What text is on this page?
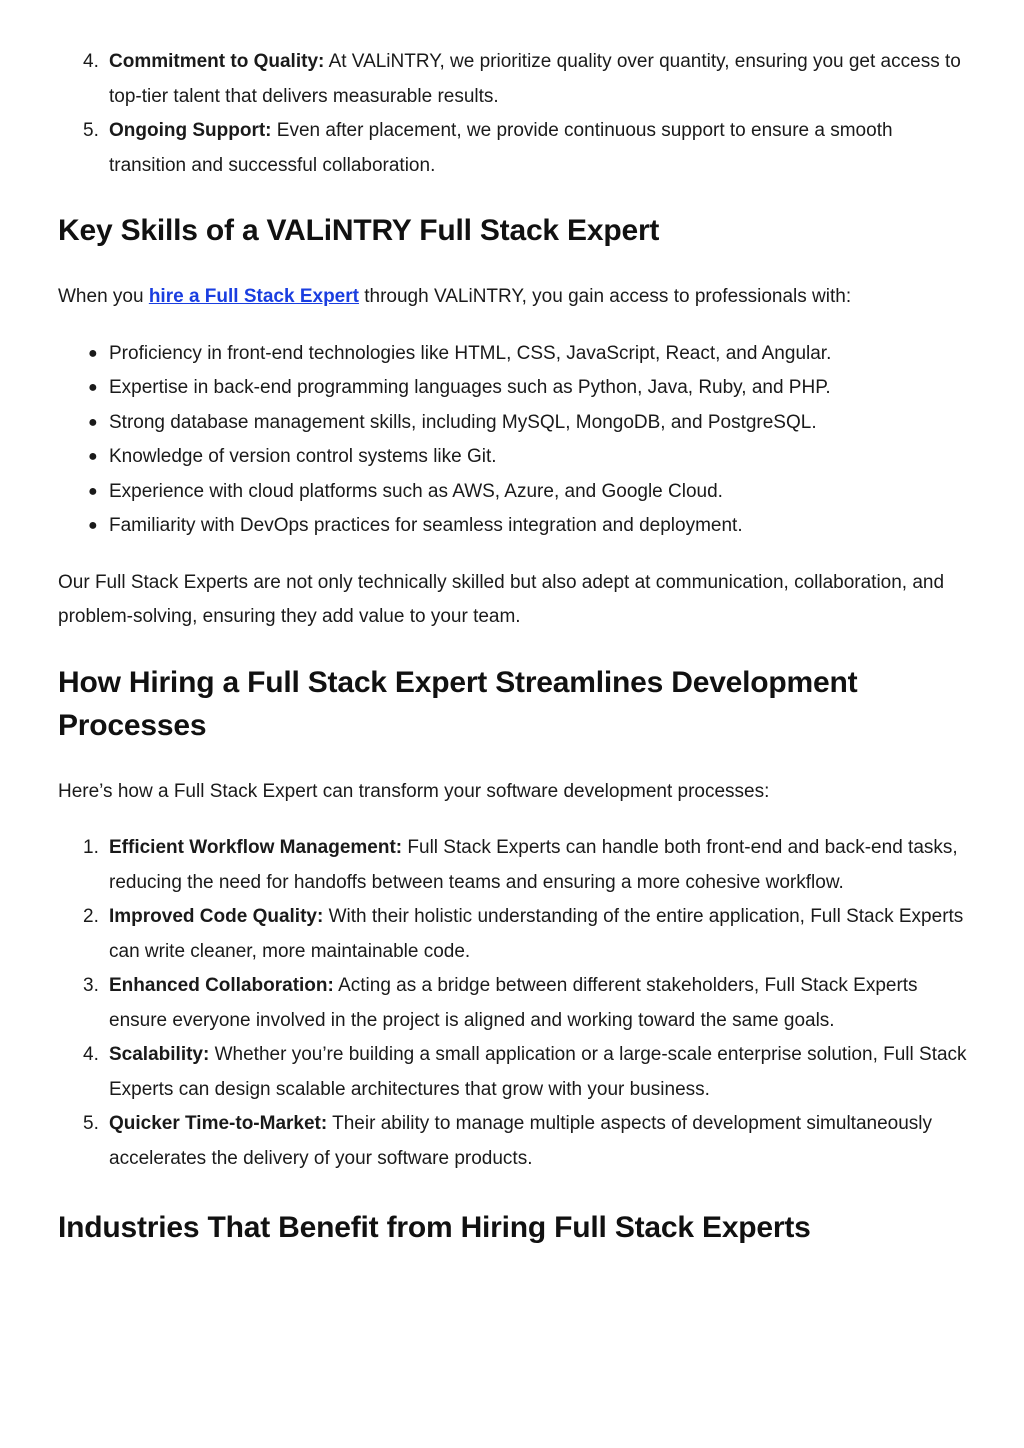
4. Commitment to Quality: At VALiNTRY, we prioritize quality over quantity, ensuring you get access to top-tier talent that delivers measurable results.
5. Ongoing Support: Even after placement, we provide continuous support to ensure a smooth transition and successful collaboration.
Key Skills of a VALiNTRY Full Stack Expert

When you hire a Full Stack Expert through VALiNTRY, you gain access to professionals with:

● Proficiency in front-end technologies like HTML, CSS, JavaScript, React, and Angular.
● Expertise in back-end programming languages such as Python, Java, Ruby, and PHP.
● Strong database management skills, including MySQL, MongoDB, and PostgreSQL.
● Knowledge of version control systems like Git.
● Experience with cloud platforms such as AWS, Azure, and Google Cloud.
● Familiarity with DevOps practices for seamless integration and deployment.

Our Full Stack Experts are not only technically skilled but also adept at communication, collaboration, and problem-solving, ensuring they add value to your team.

How Hiring a Full Stack Expert Streamlines Development Processes

Here’s how a Full Stack Expert can transform your software development processes:

1. Efficient Workflow Management: Full Stack Experts can handle both front-end and back-end tasks, reducing the need for handoffs between teams and ensuring a more cohesive workflow.
2. Improved Code Quality: With their holistic understanding of the entire application, Full Stack Experts can write cleaner, more maintainable code.
3. Enhanced Collaboration: Acting as a bridge between different stakeholders, Full Stack Experts ensure everyone involved in the project is aligned and working toward the same goals.
4. Scalability: Whether you’re building a small application or a large-scale enterprise solution, Full Stack Experts can design scalable architectures that grow with your business.
5. Quicker Time-to-Market: Their ability to manage multiple aspects of development simultaneously accelerates the delivery of your software products.
Industries That Benefit from Hiring Full Stack Experts
